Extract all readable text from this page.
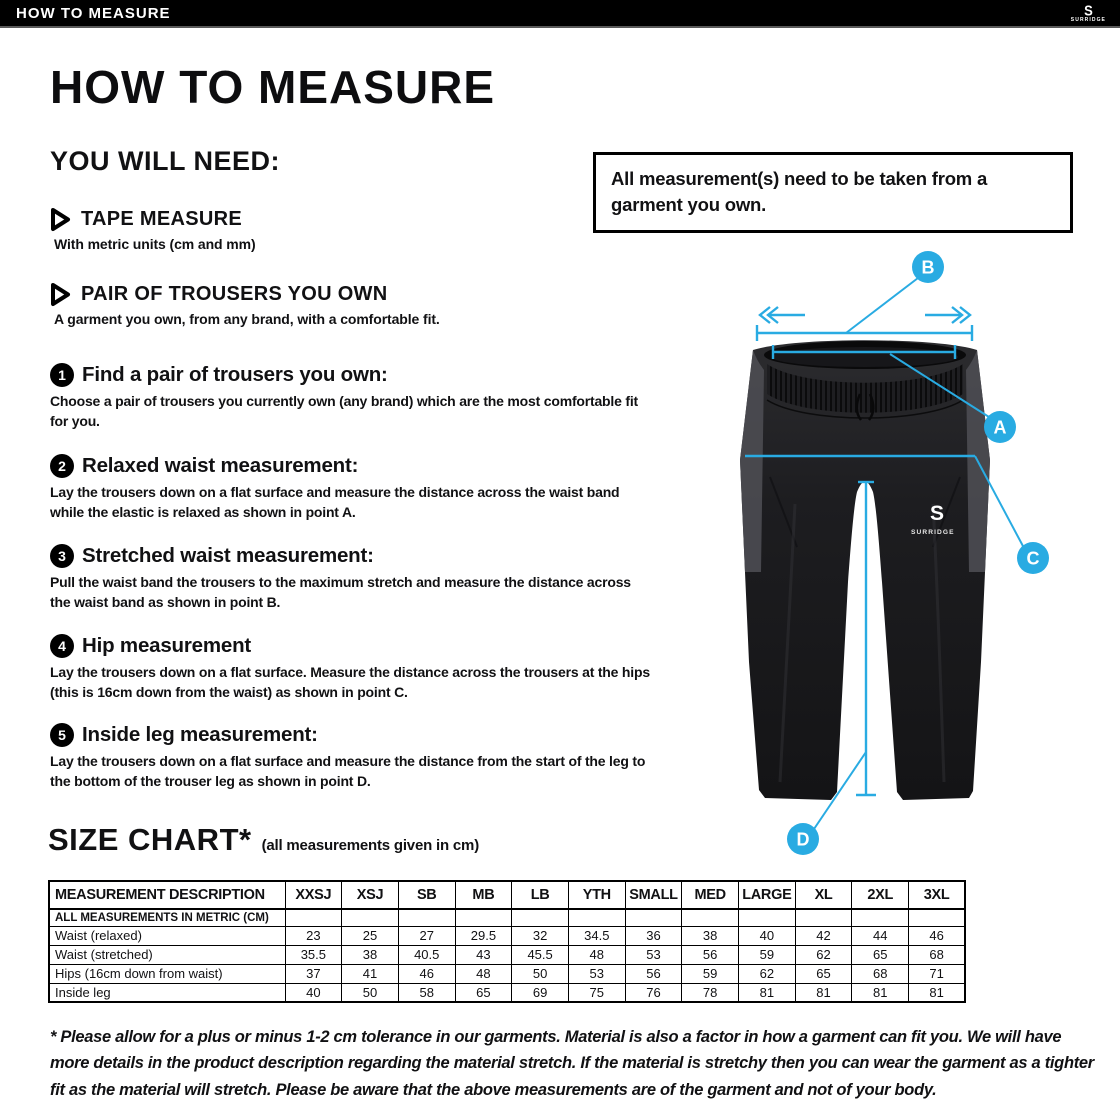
HOW TO MEASURE	S
SURRIDGE
HOW TO MEASURE
YOU WILL NEED:
TAPE MEASURE
With metric units (cm and mm)
PAIR OF TROUSERS YOU OWN
A garment you own, from any brand, with a comfortable fit.
All measurement(s) need to be taken from a garment you own.
1 Find a pair of trousers you own:
Choose a pair of trousers you currently own (any brand) which are the most comfortable fit for you.
2 Relaxed waist measurement:
Lay the trousers down on a flat surface and measure the distance across the waist band while the elastic is relaxed as shown in point A.
3 Stretched waist measurement:
Pull the waist band the trousers to the maximum stretch and measure the distance across the waist band as shown in point B.
4 Hip measurement
Lay the trousers down on a flat surface. Measure the distance across the trousers at the hips (this is 16cm down from the waist) as shown in point C.
5 Inside leg measurement:
Lay the trousers down on a flat surface and measure the distance from the start of the leg to the bottom of the trouser leg as shown in point D.
S
SURRIDGE
B
A
C
D
SIZE CHART* (all measurements given in cm)
MEASUREMENT DESCRIPTION	XXSJ	XSJ	SB	MB	LB	YTH	SMALL	MED	LARGE	XL	2XL	3XL
ALL MEASUREMENTS IN METRIC (CM)												
Waist (relaxed)	23	25	27	29.5	32	34.5	36	38	40	42	44	46
Waist (stretched)	35.5	38	40.5	43	45.5	48	53	56	59	62	65	68
Hips (16cm down from waist)	37	41	46	48	50	53	56	59	62	65	68	71
Inside leg	40	50	58	65	69	75	76	78	81	81	81	81
* Please allow for a plus or minus 1-2 cm tolerance in our garments. Material is also a factor in how a garment can fit you. We will have more details in the product description regarding the material stretch. If the material is stretchy then you can wear the garment as a tighter fit as the material will stretch. Please be aware that the above measurements are of the garment and not of your body.
